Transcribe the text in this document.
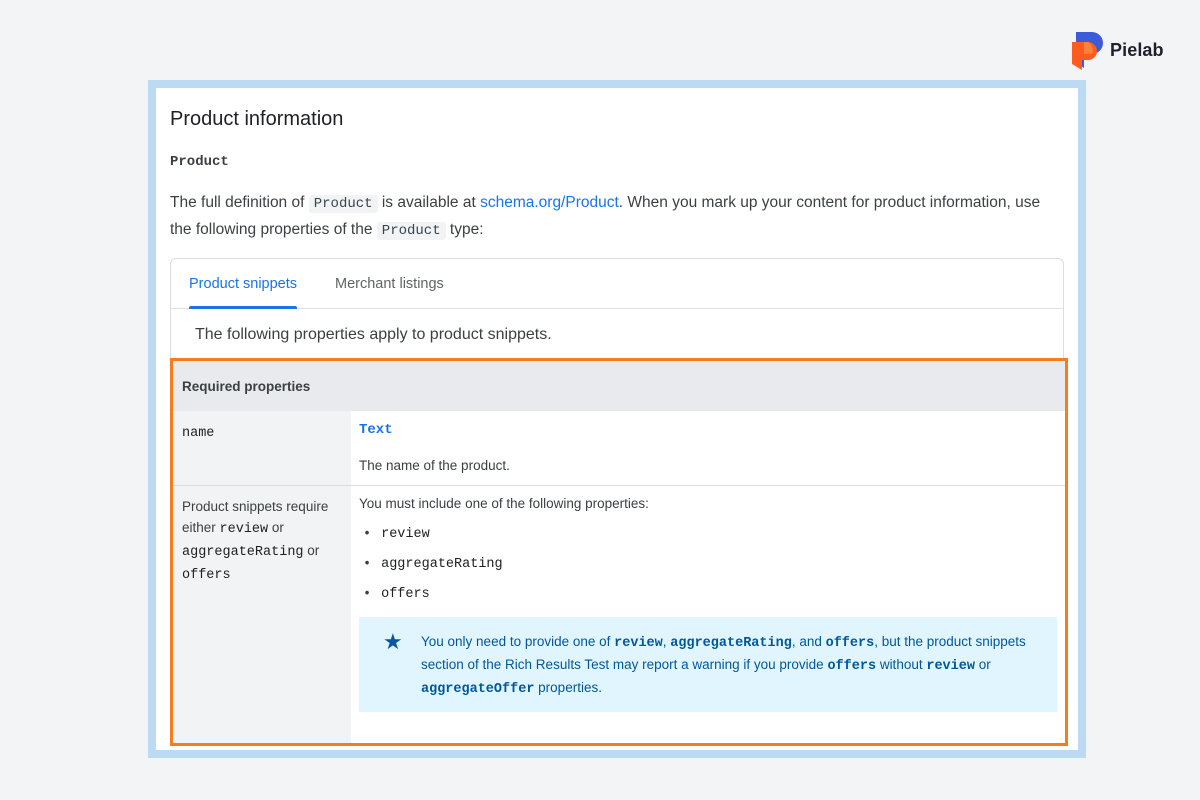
Pielab
Product information
Product

The full definition of Product is available at schema.org/Product. When you mark up your content for product information, use the following properties of the Product type:

Product snippets	Merchant listings
The following properties apply to product snippets.
Required properties
name	Text
The name of the product.
Product snippets require either review or aggregateRating or offers
You must include one of the following properties:
• review
• aggregateRating
• offers
★ You only need to provide one of review, aggregateRating, and offers, but the product snippets section of the Rich Results Test may report a warning if you provide offers without review or aggregateOffer properties.
